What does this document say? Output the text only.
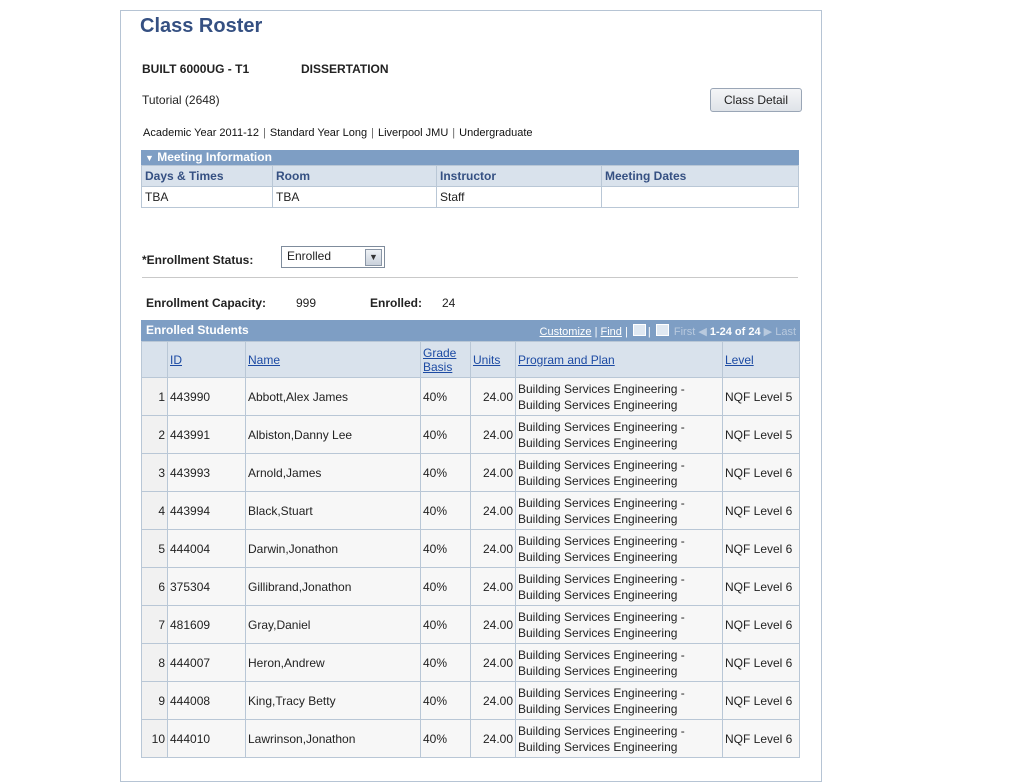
Class Roster
BUILT 6000UG - T1	DISSERTATION
Tutorial (2648)	Class Detail
Academic Year 2011-12 | Standard Year Long | Liverpool JMU | Undergraduate
▼ Meeting Information
Days & Times	Room	Instructor	Meeting Dates
TBA	TBA	Staff	
*Enrollment Status:	Enrolled	▼
Enrollment Capacity: 999	Enrolled: 24
Enrolled Students	Customize | Find | |  First ◀ 1-24 of 24 ▶ Last
	ID	Name	Grade Basis	Units	Program and Plan	Level
1	443990	Abbott,Alex James	40%	24.00	Building Services Engineering - Building Services Engineering	NQF Level 5
2	443991	Albiston,Danny Lee	40%	24.00	Building Services Engineering - Building Services Engineering	NQF Level 5
3	443993	Arnold,James	40%	24.00	Building Services Engineering - Building Services Engineering	NQF Level 6
4	443994	Black,Stuart	40%	24.00	Building Services Engineering - Building Services Engineering	NQF Level 6
5	444004	Darwin,Jonathon	40%	24.00	Building Services Engineering - Building Services Engineering	NQF Level 6
6	375304	Gillibrand,Jonathon	40%	24.00	Building Services Engineering - Building Services Engineering	NQF Level 6
7	481609	Gray,Daniel	40%	24.00	Building Services Engineering - Building Services Engineering	NQF Level 6
8	444007	Heron,Andrew	40%	24.00	Building Services Engineering - Building Services Engineering	NQF Level 6
9	444008	King,Tracy Betty	40%	24.00	Building Services Engineering - Building Services Engineering	NQF Level 6
10	444010	Lawrinson,Jonathon	40%	24.00	Building Services Engineering - Building Services Engineering	NQF Level 6
